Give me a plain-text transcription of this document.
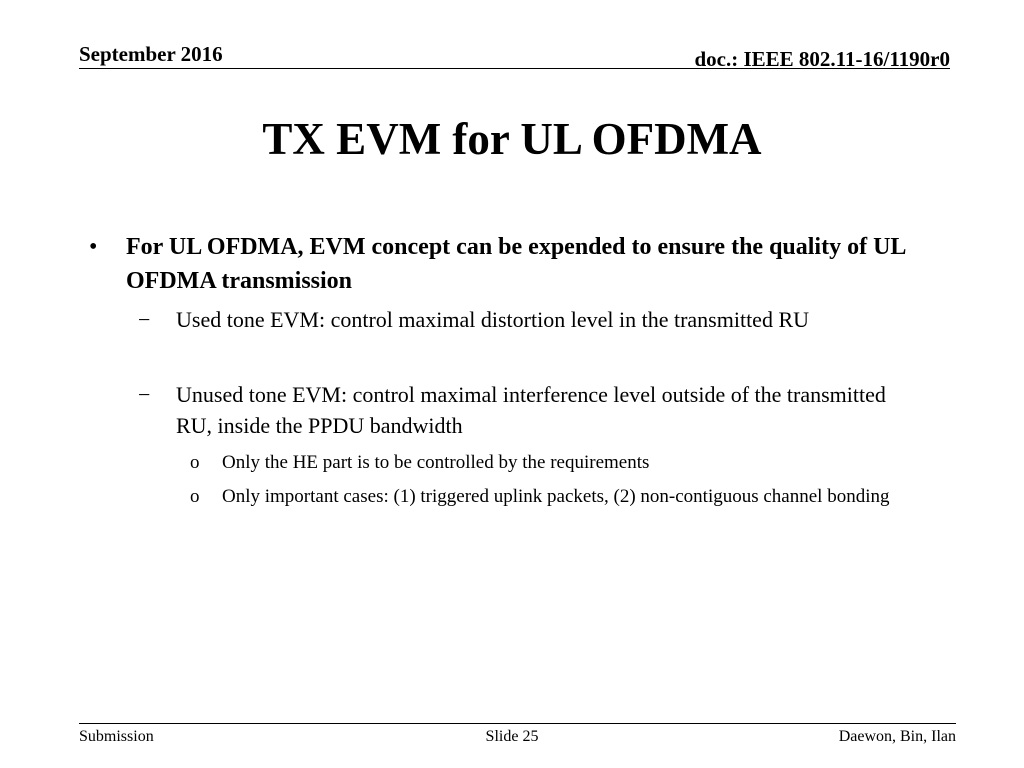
September 2016	doc.: IEEE 802.11-16/1190r0
TX EVM for UL OFDMA
• For UL OFDMA, EVM concept can be expended to ensure the quality of UL OFDMA transmission
− Used tone EVM: control maximal distortion level in the transmitted RU
− Unused tone EVM: control maximal interference level outside of the transmitted RU, inside the PPDU bandwidth
o Only the HE part is to be controlled by the requirements
o Only important cases: (1) triggered uplink packets, (2) non-contiguous channel bonding
Submission	Slide 25	Daewon, Bin, Ilan
